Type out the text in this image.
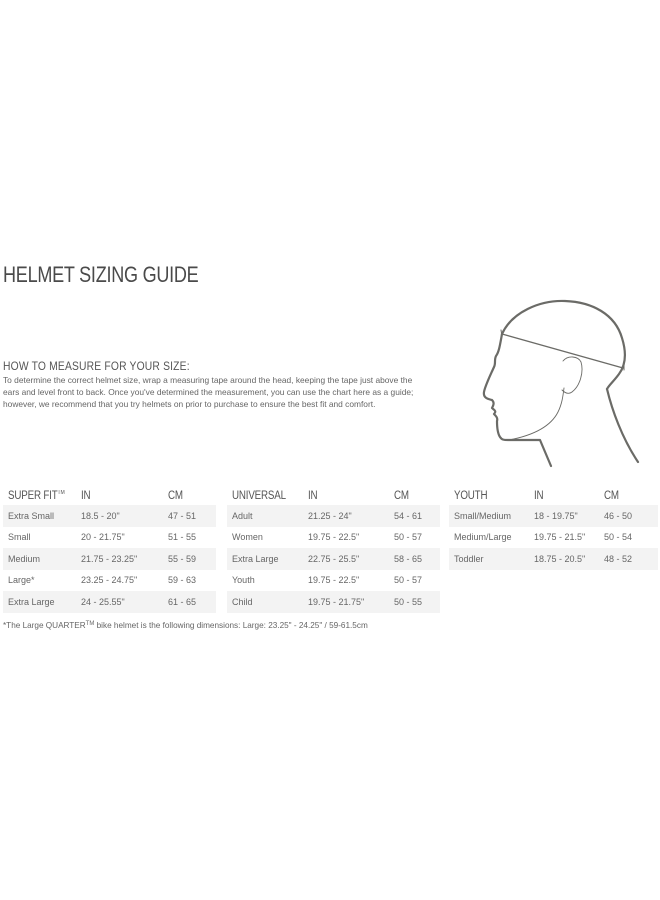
HELMET SIZING GUIDE
HOW TO MEASURE FOR YOUR SIZE:
To determine the correct helmet size, wrap a measuring tape around the head, keeping the tape just above the ears and level front to back. Once you've determined the measurement, you can use the chart here as a guide; however, we recommend that you try helmets on prior to purchase to ensure the best fit and comfort.
SUPER FIT™	IN	CM
Extra Small	18.5 - 20"	47 - 51
Small	20 - 21.75"	51 - 55
Medium	21.75 - 23.25"	55 - 59
Large*	23.25 - 24.75"	59 - 63
Extra Large	24 - 25.55"	61 - 65
UNIVERSAL	IN	CM
Adult	21.25 - 24"	54 - 61
Women	19.75 - 22.5"	50 - 57
Extra Large	22.75 - 25.5"	58 - 65
Youth	19.75 - 22.5"	50 - 57
Child	19.75 - 21.75"	50 - 55
YOUTH	IN	CM
Small/Medium	18 - 19.75"	46 - 50
Medium/Large	19.75 - 21.5"	50 - 54
Toddler	18.75 - 20.5"	48 - 52
*The Large QUARTER™ bike helmet is the following dimensions: Large: 23.25" - 24.25" / 59-61.5cm
